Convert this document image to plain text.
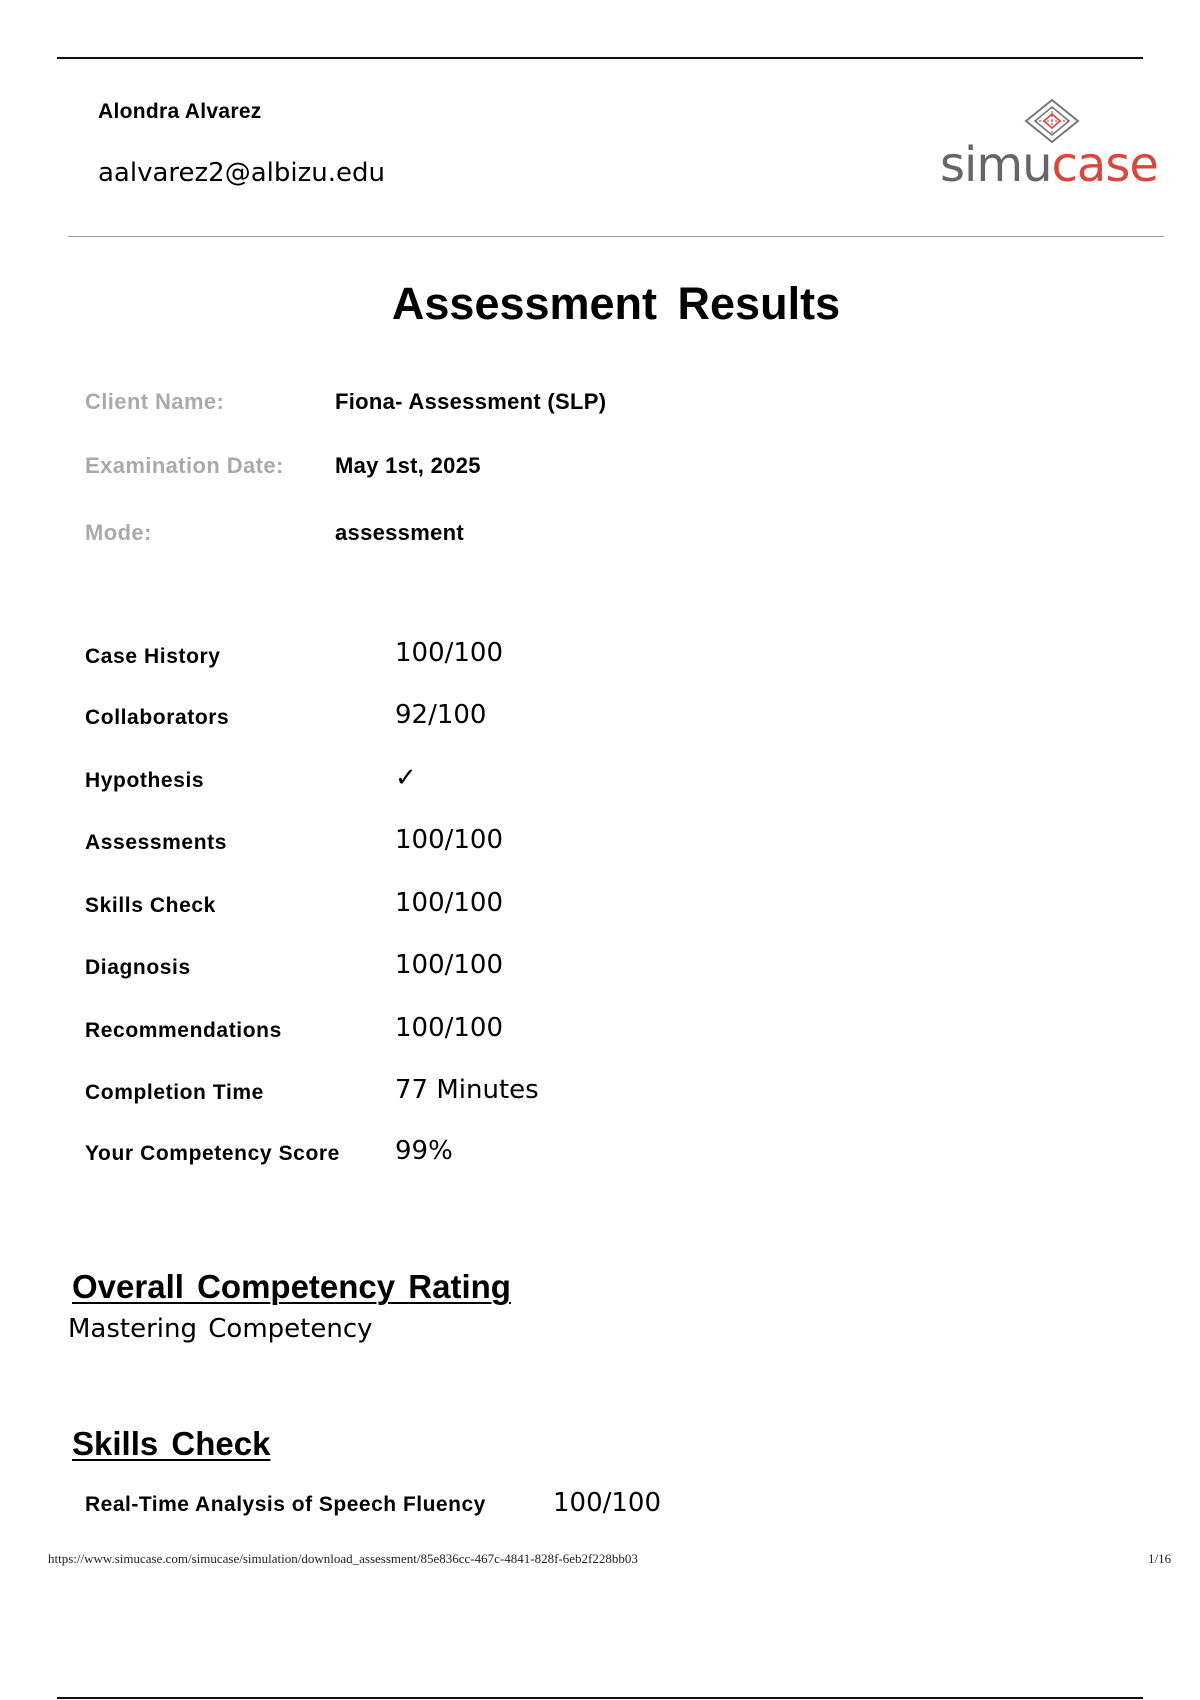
Alondra Alvarez
aalvarez2@albizu.edu	simucase
Assessment Results
Client Name:	Fiona- Assessment (SLP)
Examination Date: May 1st, 2025
Mode:	assessment
Case History	100/100
Collaborators	92/100
Hypothesis	✓
Assessments	100/100
Skills Check	100/100
Diagnosis	100/100
Recommendations	100/100
Completion Time	77 Minutes
Your Competency Score 99%
Overall Competency Rating
Mastering Competency
Skills Check
Real-Time Analysis of Speech Fluency	100/100
https://www.simucase.com/simucase/simulation/download_assessment/85e836cc-467c-4841-828f-6eb2f228bb03	1/16
